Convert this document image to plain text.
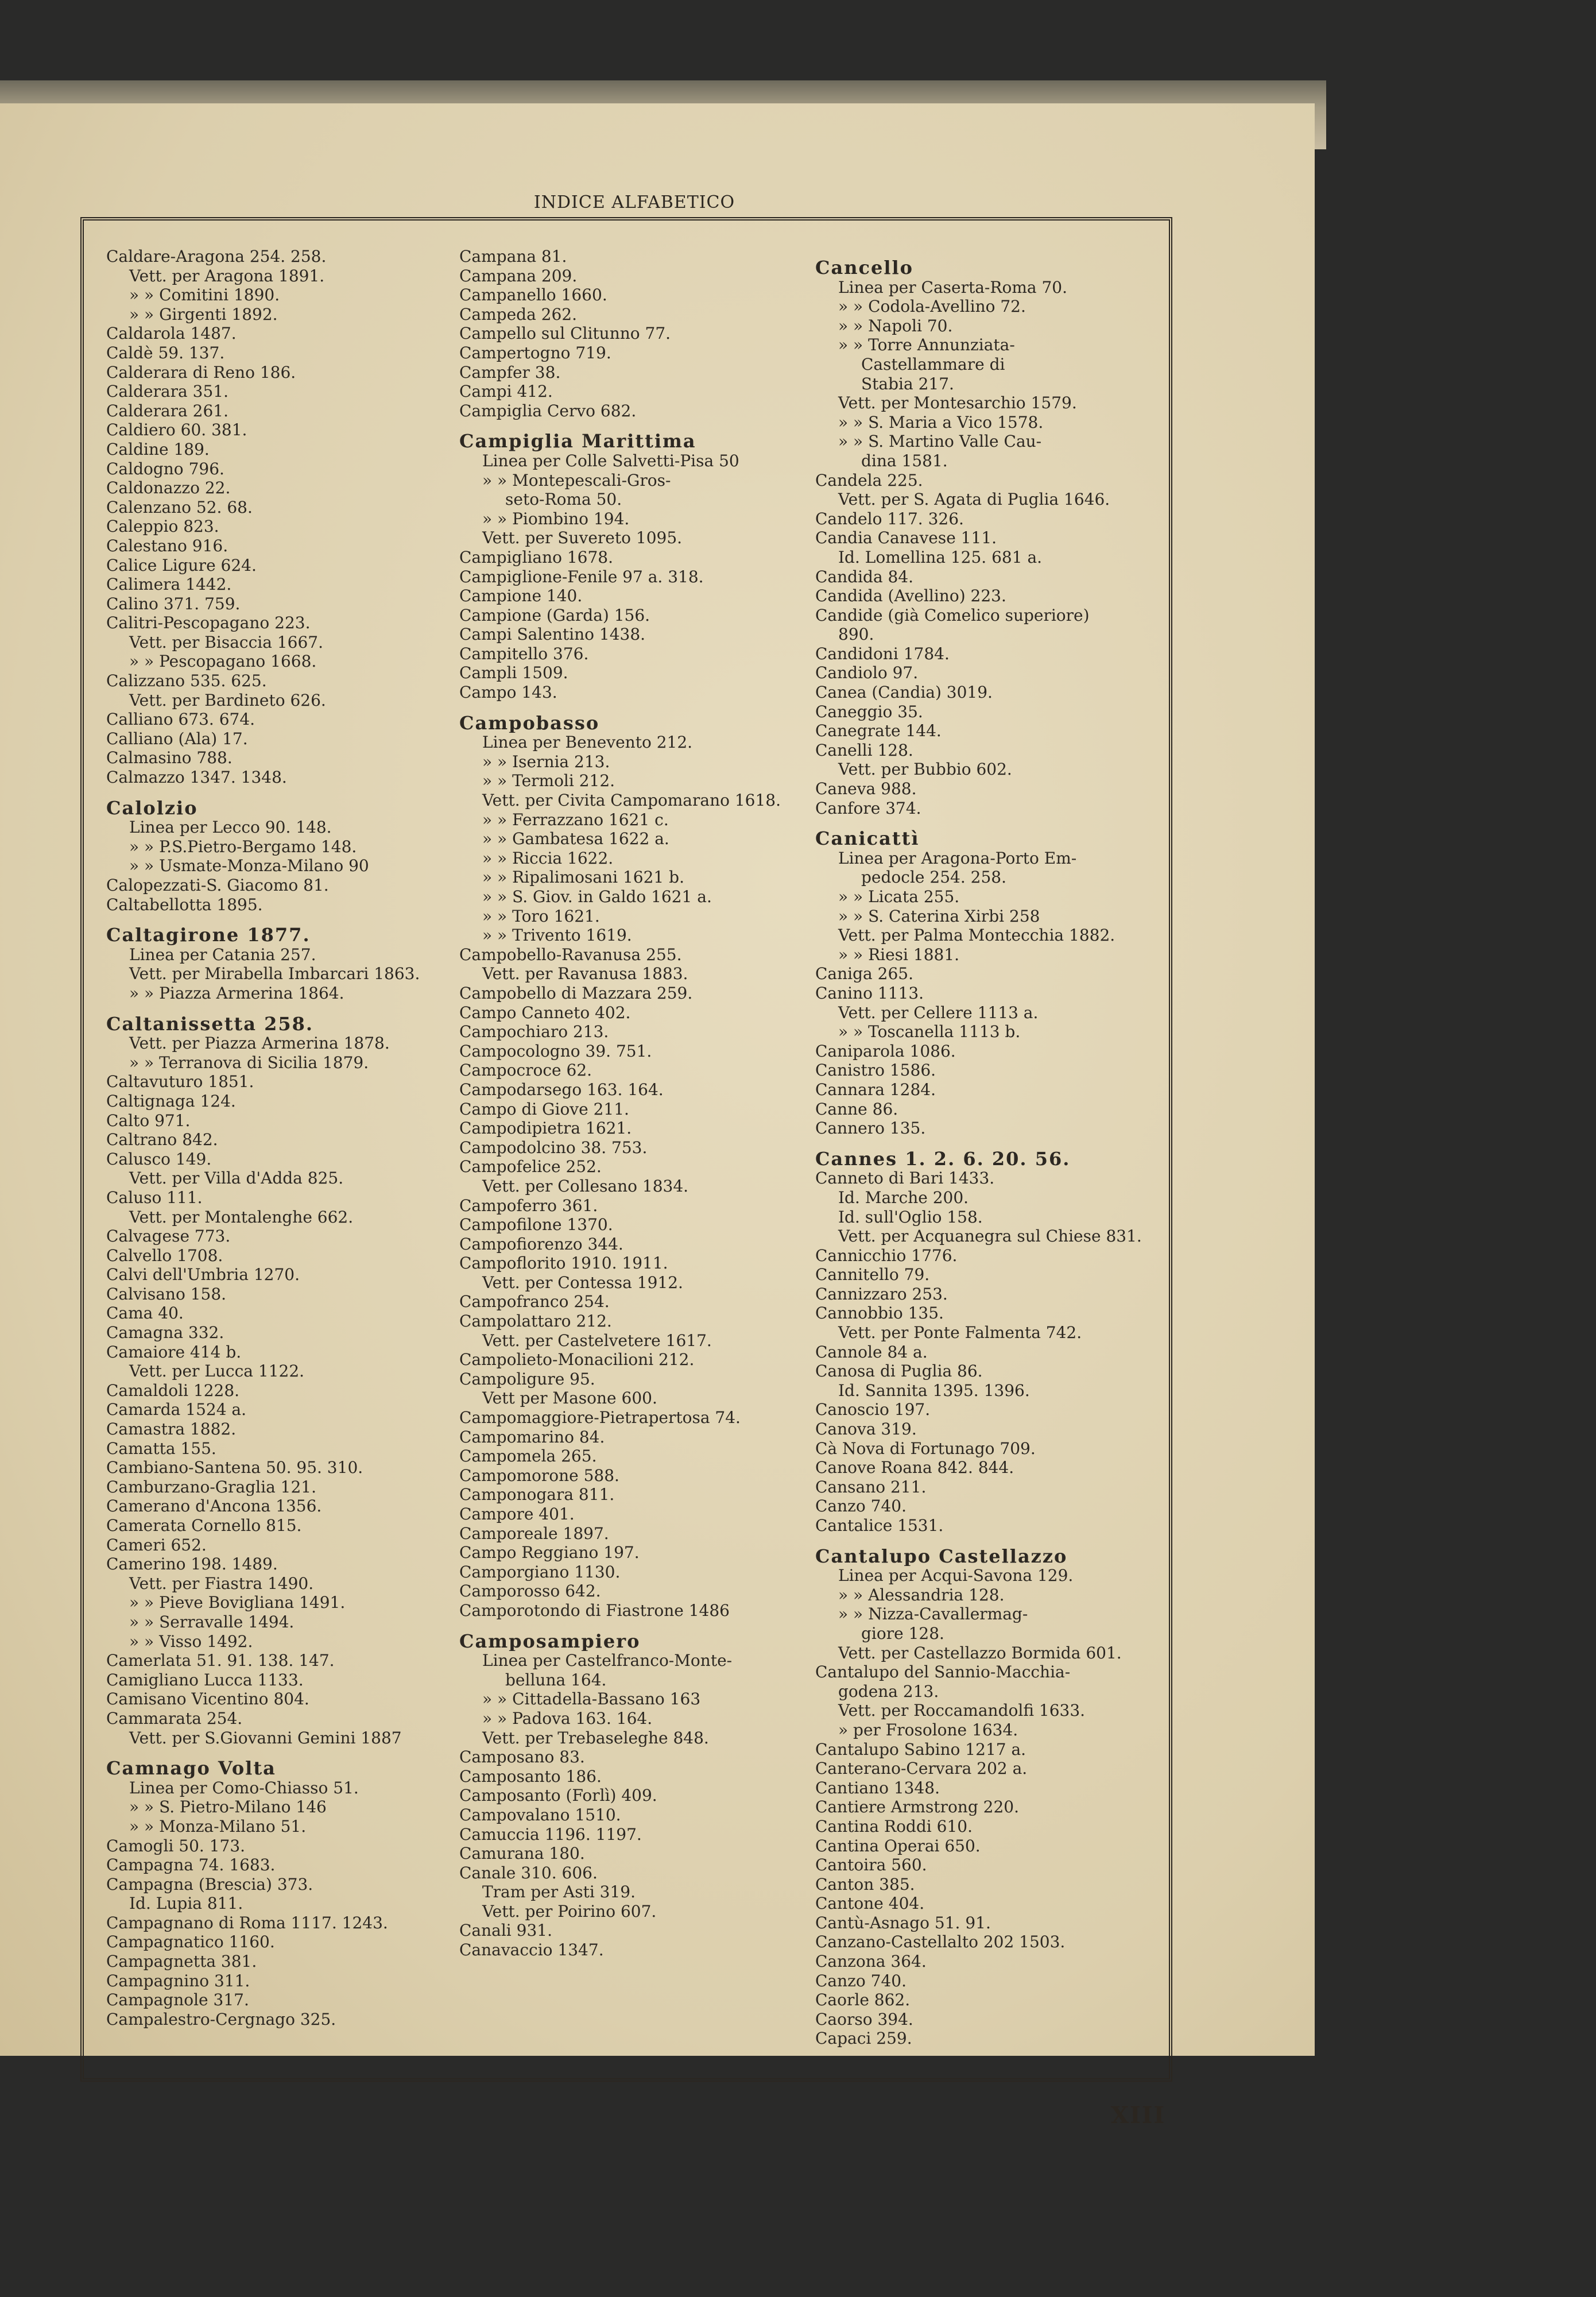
INDICE ALFABETICO
Caldare-Aragona 254. 258.
Vett. per Aragona 1891.
» » Comitini 1890.
» » Girgenti 1892.
Caldarola 1487.
Caldè 59. 137.
Calderara di Reno 186.
Calderara 351.
Calderara 261.
Caldiero 60. 381.
Caldine 189.
Caldogno 796.
Caldonazzo 22.
Calenzano 52. 68.
Caleppio 823.
Calestano 916.
Calice Ligure 624.
Calimera 1442.
Calino 371. 759.
Calitri-Pescopagano 223.
Vett. per Bisaccia 1667.
» » Pescopagano 1668.
Calizzano 535. 625.
Vett. per Bardineto 626.
Calliano 673. 674.
Calliano (Ala) 17.
Calmasino 788.
Calmazzo 1347. 1348.
Calolzio
Linea per Lecco 90. 148.
» » P.S.Pietro-Bergamo 148.
» » Usmate-Monza-Milano 90
Calopezzati-S. Giacomo 81.
Caltabellotta 1895.
Caltagirone 1877.
Linea per Catania 257.
Vett. per Mirabella Imbarcari 1863.
» » Piazza Armerina 1864.
Caltanissetta 258.
Vett. per Piazza Armerina 1878.
» » Terranova di Sicilia 1879.
Caltavuturo 1851.
Caltignaga 124.
Calto 971.
Caltrano 842.
Calusco 149.
Vett. per Villa d'Adda 825.
Caluso 111.
Vett. per Montalenghe 662.
Calvagese 773.
Calvello 1708.
Calvi dell'Umbria 1270.
Calvisano 158.
Cama 40.
Camagna 332.
Camaiore 414 b.
Vett. per Lucca 1122.
Camaldoli 1228.
Camarda 1524 a.
Camastra 1882.
Camatta 155.
Cambiano-Santena 50. 95. 310.
Camburzano-Graglia 121.
Camerano d'Ancona 1356.
Camerata Cornello 815.
Cameri 652.
Camerino 198. 1489.
Vett. per Fiastra 1490.
» » Pieve Bovigliana 1491.
» » Serravalle 1494.
» » Visso 1492.
Camerlata 51. 91. 138. 147.
Camigliano Lucca 1133.
Camisano Vicentino 804.
Cammarata 254.
Vett. per S.Giovanni Gemini 1887
Camnago Volta
Linea per Como-Chiasso 51.
» » S. Pietro-Milano 146
» » Monza-Milano 51.
Camogli 50. 173.
Campagna 74. 1683.
Campagna (Brescia) 373.
Id. Lupia 811.
Campagnano di Roma 1117. 1243.
Campagnatico 1160.
Campagnetta 381.
Campagnino 311.
Campagnole 317.
Campalestro-Cergnago 325.
Campana 81.
Campana 209.
Campanello 1660.
Campeda 262.
Campello sul Clitunno 77.
Campertogno 719.
Campfer 38.
Campi 412.
Campiglia Cervo 682.
Campiglia Marittima
Linea per Colle Salvetti-Pisa 50
» » Montepescali-Gros-
seto-Roma 50.
» » Piombino 194.
Vett. per Suvereto 1095.
Campigliano 1678.
Campiglione-Fenile 97 a. 318.
Campione 140.
Campione (Garda) 156.
Campi Salentino 1438.
Campitello 376.
Campli 1509.
Campo 143.
Campobasso
Linea per Benevento 212.
» » Isernia 213.
» » Termoli 212.
Vett. per Civita Campomarano 1618.
» » Ferrazzano 1621 c.
» » Gambatesa 1622 a.
» » Riccia 1622.
» » Ripalimosani 1621 b.
» » S. Giov. in Galdo 1621 a.
» » Toro 1621.
» » Trivento 1619.
Campobello-Ravanusa 255.
Vett. per Ravanusa 1883.
Campobello di Mazzara 259.
Campo Canneto 402.
Campochiaro 213.
Campocologno 39. 751.
Campocroce 62.
Campodarsego 163. 164.
Campo di Giove 211.
Campodipietra 1621.
Campodolcino 38. 753.
Campofelice 252.
Vett. per Collesano 1834.
Campoferro 361.
Campofilone 1370.
Campofiorenzo 344.
Campoflorito 1910. 1911.
Vett. per Contessa 1912.
Campofranco 254.
Campolattaro 212.
Vett. per Castelvetere 1617.
Campolieto-Monacilioni 212.
Campoligure 95.
Vett per Masone 600.
Campomaggiore-Pietrapertosa 74.
Campomarino 84.
Campomela 265.
Campomorone 588.
Camponogara 811.
Campore 401.
Camporeale 1897.
Campo Reggiano 197.
Camporgiano 1130.
Camporosso 642.
Camporotondo di Fiastrone 1486
Camposampiero
Linea per Castelfranco-Monte-
belluna 164.
» » Cittadella-Bassano 163
» » Padova 163. 164.
Vett. per Trebaseleghe 848.
Camposano 83.
Camposanto 186.
Camposanto (Forlì) 409.
Campovalano 1510.
Camuccia 1196. 1197.
Camurana 180.
Canale 310. 606.
Tram per Asti 319.
Vett. per Poirino 607.
Canali 931.
Canavaccio 1347.
Cancello
Linea per Caserta-Roma 70.
» » Codola-Avellino 72.
» » Napoli 70.
» » Torre Annunziata-
Castellammare di
Stabia 217.
Vett. per Montesarchio 1579.
» » S. Maria a Vico 1578.
» » S. Martino Valle Cau-
dina 1581.
Candela 225.
Vett. per S. Agata di Puglia 1646.
Candelo 117. 326.
Candia Canavese 111.
Id. Lomellina 125. 681 a.
Candida 84.
Candida (Avellino) 223.
Candide (già Comelico superiore)
890.
Candidoni 1784.
Candiolo 97.
Canea (Candia) 3019.
Caneggio 35.
Canegrate 144.
Canelli 128.
Vett. per Bubbio 602.
Caneva 988.
Canfore 374.
Canicattì
Linea per Aragona-Porto Em-
pedocle 254. 258.
» » Licata 255.
» » S. Caterina Xirbi 258
Vett. per Palma Montecchia 1882.
» » Riesi 1881.
Caniga 265.
Canino 1113.
Vett. per Cellere 1113 a.
» » Toscanella 1113 b.
Caniparola 1086.
Canistro 1586.
Cannara 1284.
Canne 86.
Cannero 135.
Cannes 1. 2. 6. 20. 56.
Canneto di Bari 1433.
Id. Marche 200.
Id. sull'Oglio 158.
Vett. per Acquanegra sul Chiese 831.
Cannicchio 1776.
Cannitello 79.
Cannizzaro 253.
Cannobbio 135.
Vett. per Ponte Falmenta 742.
Cannole 84 a.
Canosa di Puglia 86.
Id. Sannita 1395. 1396.
Canoscio 197.
Canova 319.
Cà Nova di Fortunago 709.
Canove Roana 842. 844.
Cansano 211.
Canzo 740.
Cantalice 1531.
Cantalupo Castellazzo
Linea per Acqui-Savona 129.
» » Alessandria 128.
» » Nizza-Cavallermag-
giore 128.
Vett. per Castellazzo Bormida 601.
Cantalupo del Sannio-Macchia-
godena 213.
Vett. per Roccamandolfi 1633.
» per Frosolone 1634.
Cantalupo Sabino 1217 a.
Canterano-Cervara 202 a.
Cantiano 1348.
Cantiere Armstrong 220.
Cantina Roddi 610.
Cantina Operai 650.
Cantoira 560.
Canton 385.
Cantone 404.
Cantù-Asnago 51. 91.
Canzano-Castellalto 202 1503.
Canzona 364.
Canzo 740.
Caorle 862.
Caorso 394.
Capaci 259.
XIII
